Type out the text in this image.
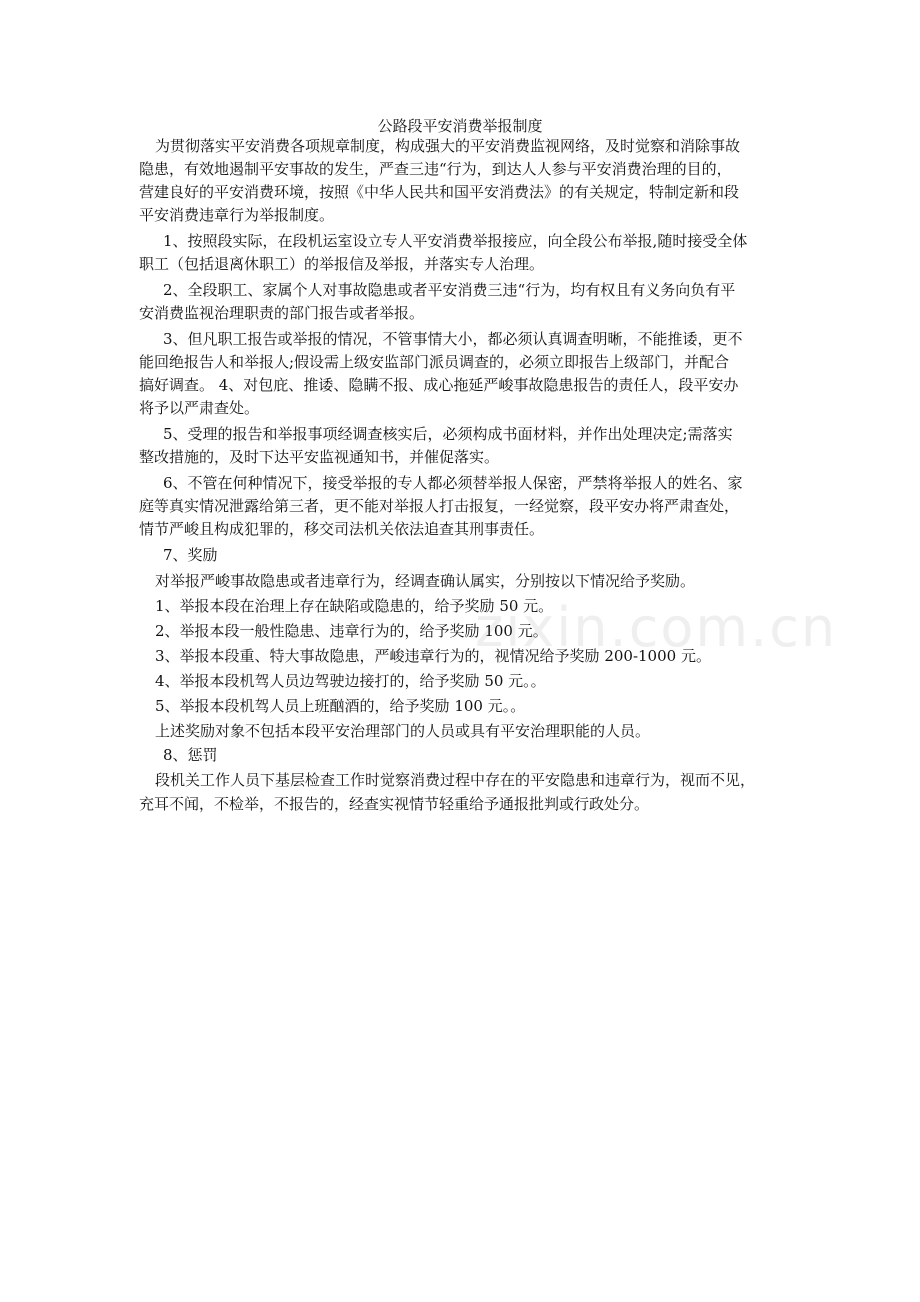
公路段平安消费举报制度
为贯彻落实平安消费各项规章制度，构成强大的平安消费监视网络，及时觉察和消除事故
隐患，有效地遏制平安事故的发生，严查三违“行为，到达人人参与平安消费治理的目的，
营建良好的平安消费环境，按照《中华人民共和国平安消费法》的有关规定，特制定新和段
平安消费违章行为举报制度。
1、按照段实际，在段机运室设立专人平安消费举报接应，向全段公布举报,随时接受全体
职工（包括退离休职工）的举报信及举报，并落实专人治理。
2、全段职工、家属个人对事故隐患或者平安消费三违“行为，均有权且有义务向负有平
安消费监视治理职责的部门报告或者举报。
3、但凡职工报告或举报的情况，不管事情大小，都必须认真调查明晰，不能推诿，更不
能回绝报告人和举报人;假设需上级安监部门派员调查的，必须立即报告上级部门，并配合
搞好调查。 4、对包庇、推诿、隐瞒不报、成心拖延严峻事故隐患报告的责任人，段平安办
将予以严肃查处。
5、受理的报告和举报事项经调查核实后，必须构成书面材料，并作出处理决定;需落实
整改措施的，及时下达平安监视通知书，并催促落实。
6、不管在何种情况下，接受举报的专人都必须替举报人保密，严禁将举报人的姓名、家
庭等真实情况泄露给第三者，更不能对举报人打击报复，一经觉察，段平安办将严肃查处，
情节严峻且构成犯罪的，移交司法机关依法追查其刑事责任。
7、奖励
对举报严峻事故隐患或者违章行为，经调查确认属实，分别按以下情况给予奖励。
1、举报本段在治理上存在缺陷或隐患的，给予奖励 50 元。
2、举报本段一般性隐患、违章行为的，给予奖励 100 元。
3、举报本段重、特大事故隐患，严峻违章行为的，视情况给予奖励 200-1000 元。
4、举报本段机驾人员边驾驶边接打的，给予奖励 50 元。。
5、举报本段机驾人员上班酗酒的，给予奖励 100 元。。
上述奖励对象不包括本段平安治理部门的人员或具有平安治理职能的人员。
8、惩罚
段机关工作人员下基层检查工作时觉察消费过程中存在的平安隐患和违章行为，视而不见，
充耳不闻，不检举，不报告的，经查实视情节轻重给予通报批判或行政处分。
zixin.com.cn
